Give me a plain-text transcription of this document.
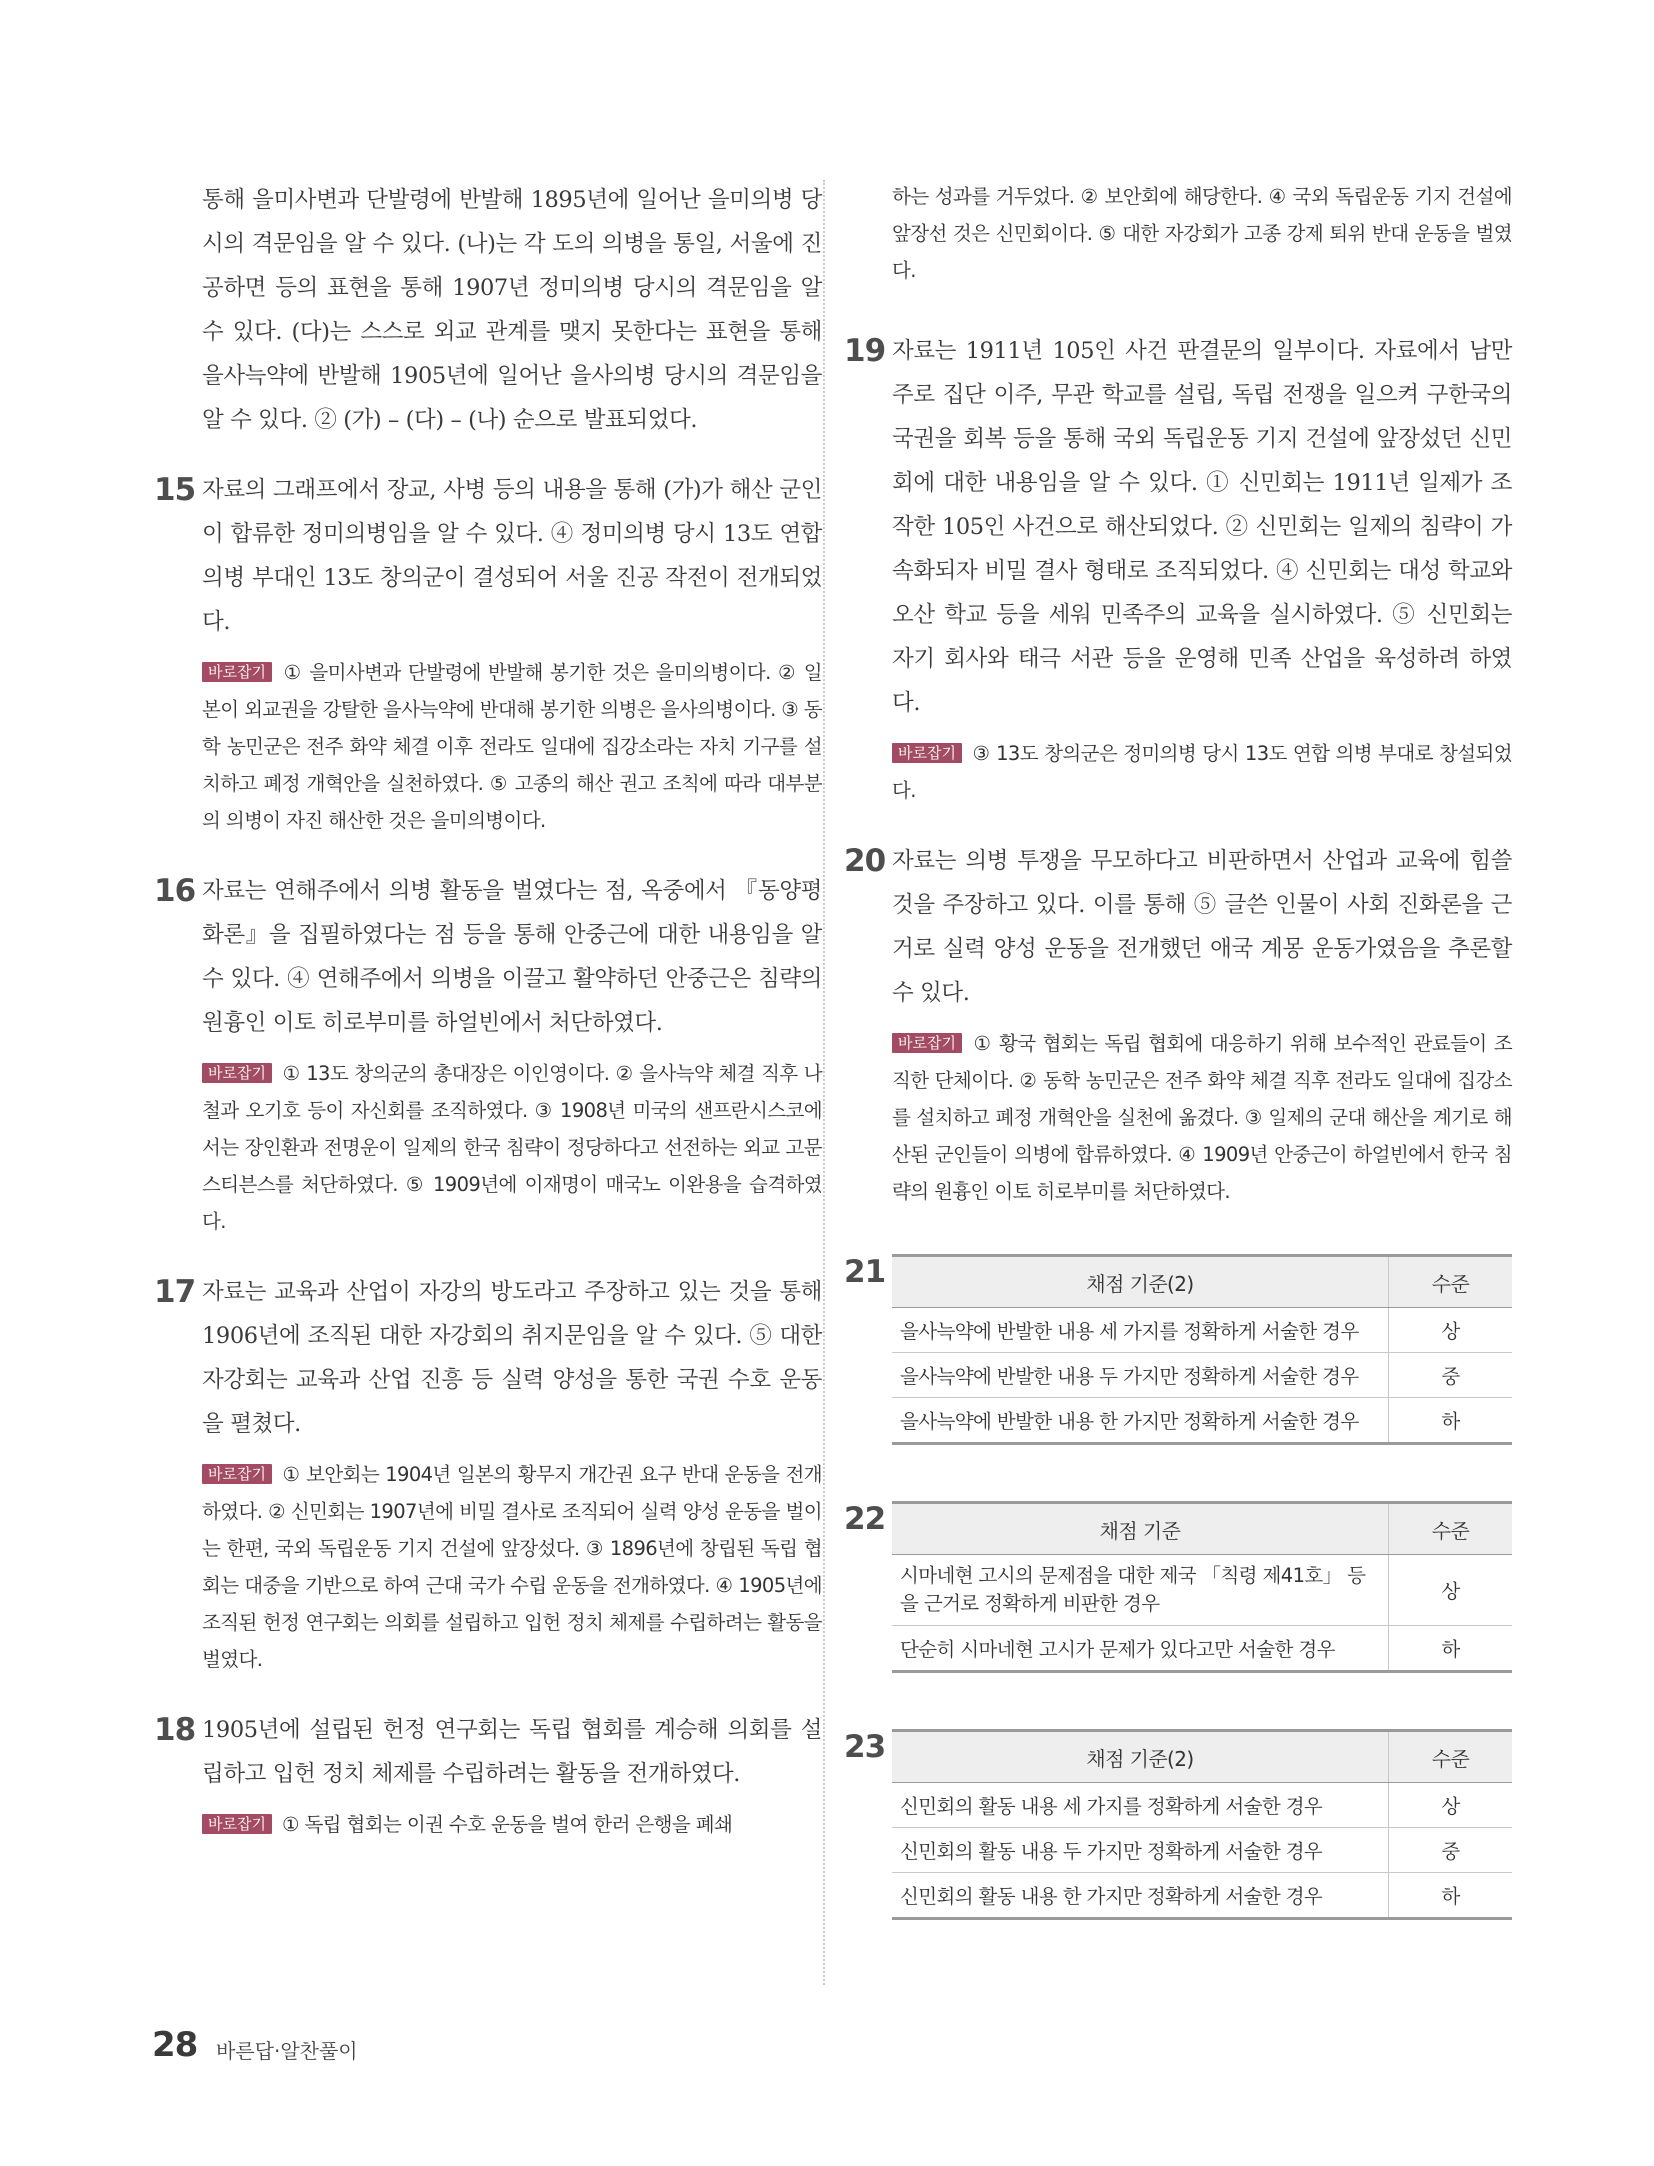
통해 을미사변과 단발령에 반발해 1895년에 일어난 을미의병 당시의 격문임을 알 수 있다. (나)는 각 도의 의병을 통일, 서울에 진공하면 등의 표현을 통해 1907년 정미의병 당시의 격문임을 알 수 있다. (다)는 스스로 외교 관계를 맺지 못한다는 표현을 통해 을사늑약에 반발해 1905년에 일어난 을사의병 당시의 격문임을 알 수 있다. ② (가) – (다) – (나) 순으로 발표되었다.

15 자료의 그래프에서 장교, 사병 등의 내용을 통해 (가)가 해산 군인이 합류한 정미의병임을 알 수 있다. ④ 정미의병 당시 13도 연합 의병 부대인 13도 창의군이 결성되어 서울 진공 작전이 전개되었다.

바로잡기 ① 을미사변과 단발령에 반발해 봉기한 것은 을미의병이다. ② 일본이 외교권을 강탈한 을사늑약에 반대해 봉기한 의병은 을사의병이다. ③ 동학 농민군은 전주 화약 체결 이후 전라도 일대에 집강소라는 자치 기구를 설치하고 폐정 개혁안을 실천하였다. ⑤ 고종의 해산 권고 조칙에 따라 대부분의 의병이 자진 해산한 것은 을미의병이다.

16 자료는 연해주에서 의병 활동을 벌였다는 점, 옥중에서 『동양평화론』을 집필하였다는 점 등을 통해 안중근에 대한 내용임을 알 수 있다. ④ 연해주에서 의병을 이끌고 활약하던 안중근은 침략의 원흉인 이토 히로부미를 하얼빈에서 처단하였다.

바로잡기 ① 13도 창의군의 총대장은 이인영이다. ② 을사늑약 체결 직후 나철과 오기호 등이 자신회를 조직하였다. ③ 1908년 미국의 샌프란시스코에서는 장인환과 전명운이 일제의 한국 침략이 정당하다고 선전하는 외교 고문 스티븐스를 처단하였다. ⑤ 1909년에 이재명이 매국노 이완용을 습격하였다.

17 자료는 교육과 산업이 자강의 방도라고 주장하고 있는 것을 통해 1906년에 조직된 대한 자강회의 취지문임을 알 수 있다. ⑤ 대한 자강회는 교육과 산업 진흥 등 실력 양성을 통한 국권 수호 운동을 펼쳤다.

바로잡기 ① 보안회는 1904년 일본의 황무지 개간권 요구 반대 운동을 전개하였다. ② 신민회는 1907년에 비밀 결사로 조직되어 실력 양성 운동을 벌이는 한편, 국외 독립운동 기지 건설에 앞장섰다. ③ 1896년에 창립된 독립 협회는 대중을 기반으로 하여 근대 국가 수립 운동을 전개하였다. ④ 1905년에 조직된 헌정 연구회는 의회를 설립하고 입헌 정치 체제를 수립하려는 활동을 벌였다.

18 1905년에 설립된 헌정 연구회는 독립 협회를 계승해 의회를 설립하고 입헌 정치 체제를 수립하려는 활동을 전개하였다.

바로잡기 ① 독립 협회는 이권 수호 운동을 벌여 한러 은행을 폐쇄

하는 성과를 거두었다. ② 보안회에 해당한다. ④ 국외 독립운동 기지 건설에 앞장선 것은 신민회이다. ⑤ 대한 자강회가 고종 강제 퇴위 반대 운동을 벌였다.

19 자료는 1911년 105인 사건 판결문의 일부이다. 자료에서 남만주로 집단 이주, 무관 학교를 설립, 독립 전쟁을 일으켜 구한국의 국권을 회복 등을 통해 국외 독립운동 기지 건설에 앞장섰던 신민회에 대한 내용임을 알 수 있다. ① 신민회는 1911년 일제가 조작한 105인 사건으로 해산되었다. ② 신민회는 일제의 침략이 가속화되자 비밀 결사 형태로 조직되었다. ④ 신민회는 대성 학교와 오산 학교 등을 세워 민족주의 교육을 실시하였다. ⑤ 신민회는 자기 회사와 태극 서관 등을 운영해 민족 산업을 육성하려 하였다.

바로잡기 ③ 13도 창의군은 정미의병 당시 13도 연합 의병 부대로 창설되었다.

20 자료는 의병 투쟁을 무모하다고 비판하면서 산업과 교육에 힘쓸 것을 주장하고 있다. 이를 통해 ⑤ 글쓴 인물이 사회 진화론을 근거로 실력 양성 운동을 전개했던 애국 계몽 운동가였음을 추론할 수 있다.

바로잡기 ① 황국 협회는 독립 협회에 대응하기 위해 보수적인 관료들이 조직한 단체이다. ② 동학 농민군은 전주 화약 체결 직후 전라도 일대에 집강소를 설치하고 폐정 개혁안을 실천에 옮겼다. ③ 일제의 군대 해산을 계기로 해산된 군인들이 의병에 합류하였다. ④ 1909년 안중근이 하얼빈에서 한국 침략의 원흉인 이토 히로부미를 처단하였다.

21	채점 기준(2)	수준
을사늑약에 반발한 내용 세 가지를 정확하게 서술한 경우	상
을사늑약에 반발한 내용 두 가지만 정확하게 서술한 경우	중
을사늑약에 반발한 내용 한 가지만 정확하게 서술한 경우	하
22	채점 기준	수준
시마네현 고시의 문제점을 대한 제국 「칙령 제41호」 등을 근거로 정확하게 비판한 경우	상
단순히 시마네현 고시가 문제가 있다고만 서술한 경우	하
23	채점 기준(2)	수준
신민회의 활동 내용 세 가지를 정확하게 서술한 경우	상
신민회의 활동 내용 두 가지만 정확하게 서술한 경우	중
신민회의 활동 내용 한 가지만 정확하게 서술한 경우	하
28 바른답·알찬풀이
